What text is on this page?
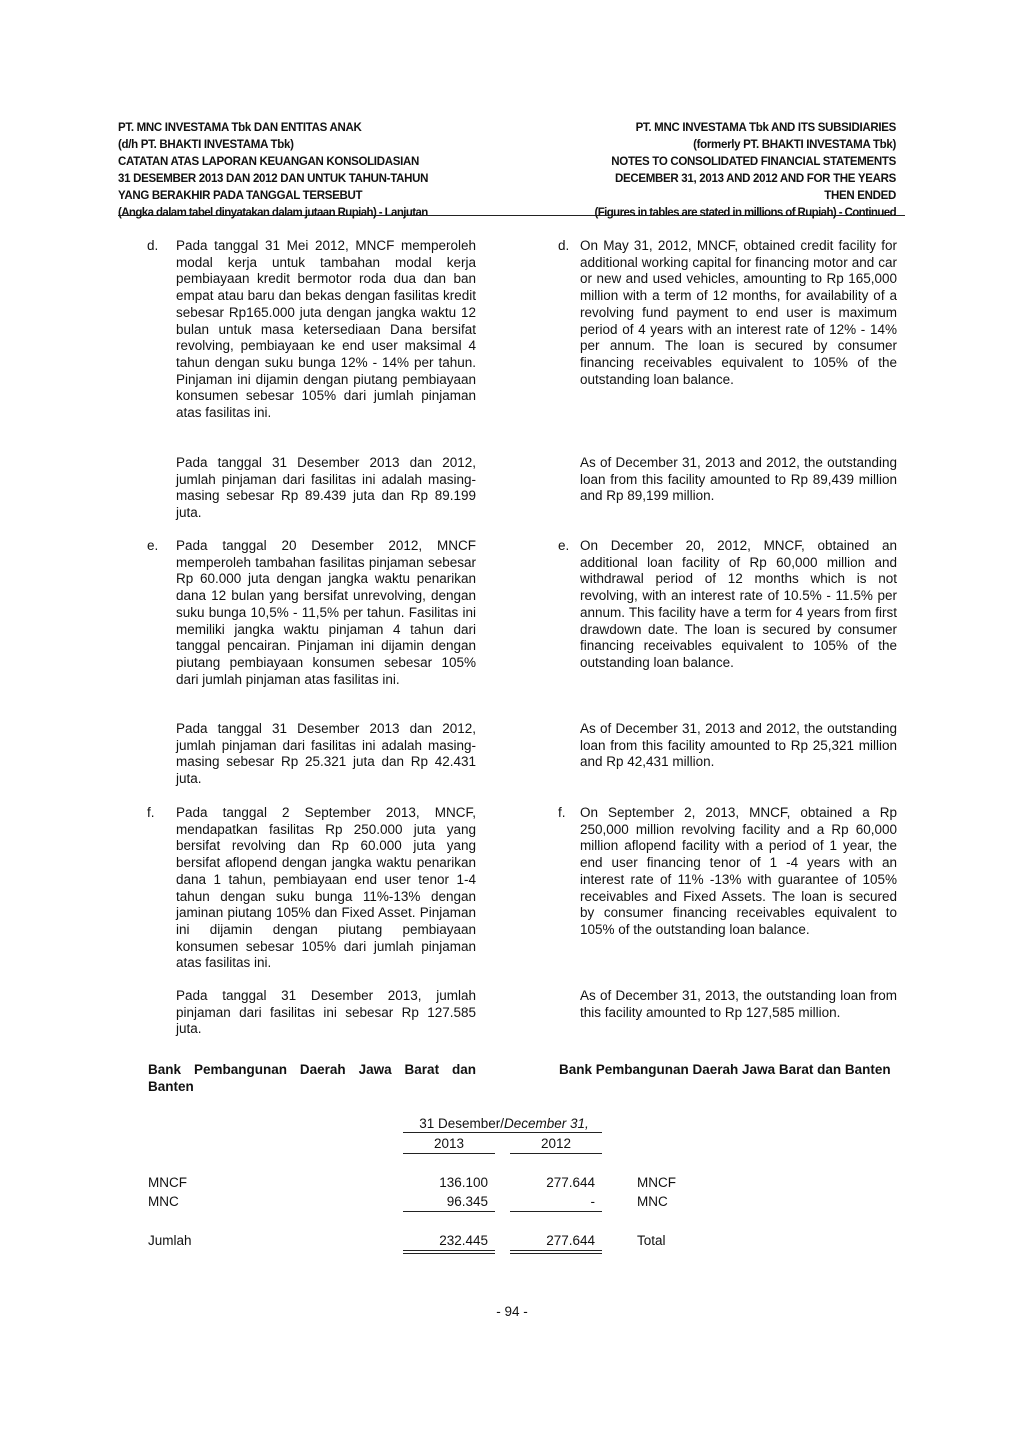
PT. MNC INVESTAMA Tbk DAN ENTITAS ANAK
(d/h PT. BHAKTI INVESTAMA Tbk)
CATATAN ATAS LAPORAN KEUANGAN KONSOLIDASIAN
31 DESEMBER 2013 DAN 2012 DAN UNTUK TAHUN-TAHUN
YANG BERAKHIR PADA TANGGAL TERSEBUT
(Angka dalam tabel dinyatakan dalam jutaan Rupiah) - Lanjutan
PT. MNC INVESTAMA Tbk AND ITS SUBSIDIARIES
(formerly PT. BHAKTI INVESTAMA Tbk)
NOTES TO CONSOLIDATED FINANCIAL STATEMENTS
DECEMBER 31, 2013 AND 2012 AND FOR THE YEARS
THEN ENDED
(Figures in tables are stated in millions of Rupiah) - Continued
d. Pada tanggal 31 Mei 2012, MNCF memperoleh modal kerja untuk tambahan modal kerja pembiayaan kredit bermotor roda dua dan ban empat atau baru dan bekas dengan fasilitas kredit sebesar Rp165.000 juta dengan jangka waktu 12 bulan untuk masa ketersediaan Dana bersifat revolving, pembiayaan ke end user maksimal 4 tahun dengan suku bunga 12% - 14% per tahun. Pinjaman ini dijamin dengan piutang pembiayaan konsumen sebesar 105% dari jumlah pinjaman atas fasilitas ini.
Pada tanggal 31 Desember 2013 dan 2012, jumlah pinjaman dari fasilitas ini adalah masing-masing sebesar Rp 89.439 juta dan Rp 89.199 juta.
e. Pada tanggal 20 Desember 2012, MNCF memperoleh tambahan fasilitas pinjaman sebesar Rp 60.000 juta dengan jangka waktu penarikan dana 12 bulan yang bersifat unrevolving, dengan suku bunga 10,5% - 11,5% per tahun. Fasilitas ini memiliki jangka waktu pinjaman 4 tahun dari tanggal pencairan. Pinjaman ini dijamin dengan piutang pembiayaan konsumen sebesar 105% dari jumlah pinjaman atas fasilitas ini.
Pada tanggal 31 Desember 2013 dan 2012, jumlah pinjaman dari fasilitas ini adalah masing-masing sebesar Rp 25.321 juta dan Rp 42.431 juta.
f. Pada tanggal 2 September 2013, MNCF, mendapatkan fasilitas Rp 250.000 juta yang bersifat revolving dan Rp 60.000 juta yang bersifat aflopend dengan jangka waktu penarikan dana 1 tahun, pembiayaan end user tenor 1-4 tahun dengan suku bunga 11%-13% dengan jaminan piutang 105% dan Fixed Asset. Pinjaman ini dijamin dengan piutang pembiayaan konsumen sebesar 105% dari jumlah pinjaman atas fasilitas ini.
Pada tanggal 31 Desember 2013, jumlah pinjaman dari fasilitas ini sebesar Rp 127.585 juta.
Bank Pembangunan Daerah Jawa Barat dan Banten
d. On May 31, 2012, MNCF, obtained credit facility for additional working capital for financing motor and car or new and used vehicles, amounting to Rp 165,000 million with a term of 12 months, for availability of a revolving fund payment to end user is maximum period of 4 years with an interest rate of 12% - 14% per annum. The loan is secured by consumer financing receivables equivalent to 105% of the outstanding loan balance.
As of December 31, 2013 and 2012, the outstanding loan from this facility amounted to Rp 89,439 million and Rp 89,199 million.
e. On December 20, 2012, MNCF, obtained an additional loan facility of Rp 60,000 million and withdrawal period of 12 months which is not revolving, with an interest rate of 10.5% - 11.5% per annum. This facility have a term for 4 years from first drawdown date. The loan is secured by consumer financing receivables equivalent to 105% of the outstanding loan balance.
As of December 31, 2013 and 2012, the outstanding loan from this facility amounted to Rp 25,321 million and Rp 42,431 million.
f. On September 2, 2013, MNCF, obtained a Rp 250,000 million revolving facility and a Rp 60,000 million aflopend facility with a period of 1 year, the end user financing tenor of 1 -4 years with an interest rate of 11% -13% with guarantee of 105% receivables and Fixed Assets. The loan is secured by consumer financing receivables equivalent to 105% of the outstanding loan balance.
As of December 31, 2013, the outstanding loan from this facility amounted to Rp 127,585 million.
Bank Pembangunan Daerah Jawa Barat dan Banten
31 Desember/December 31,
2013	2012
MNCF	136.100	277.644	MNCF
MNC	96.345	-	MNC
Jumlah	232.445	277.644	Total
- 94 -
